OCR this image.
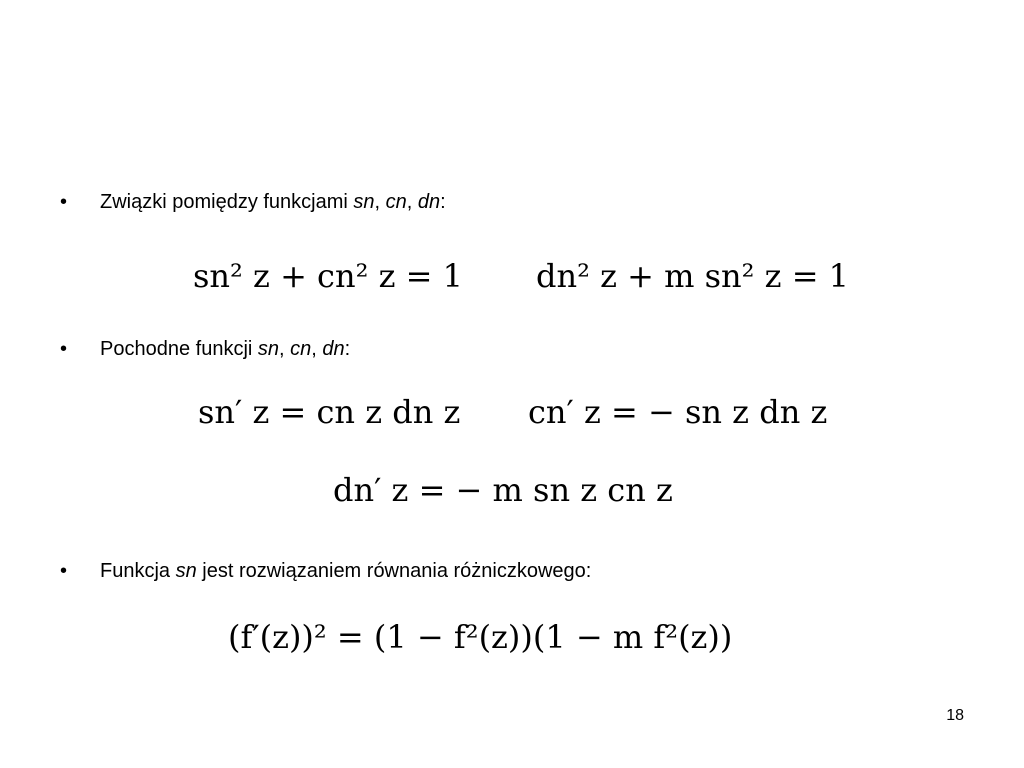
• Związki pomiędzy funkcjami sn, cn, dn:
sn² z + cn² z = 1 dn² z + m sn² z = 1
• Pochodne funkcji sn, cn, dn:
sn′ z = cn z dn z cn′ z = − sn z dn z
dn′ z = − m sn z cn z
• Funkcja sn jest rozwiązaniem równania różniczkowego:
(f′(z))² = (1 − f²(z))(1 − m f²(z))
18
